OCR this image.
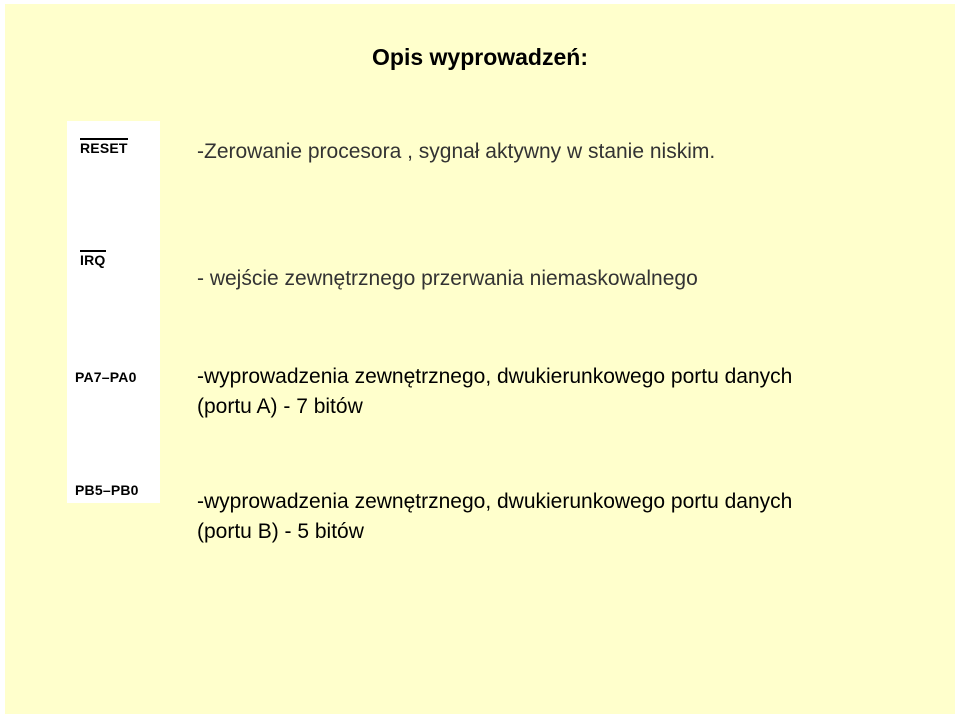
Opis wyprowadzeń:
RESET
IRQ
PA7–PA0
PB5–PB0

-Zerowanie procesora , sygnał aktywny w stanie niskim.

- wejście zewnętrznego przerwania niemaskowalnego

-wyprowadzenia zewnętrznego, dwukierunkowego portu danych (portu A) - 7 bitów

-wyprowadzenia zewnętrznego, dwukierunkowego portu danych (portu B) - 5 bitów
